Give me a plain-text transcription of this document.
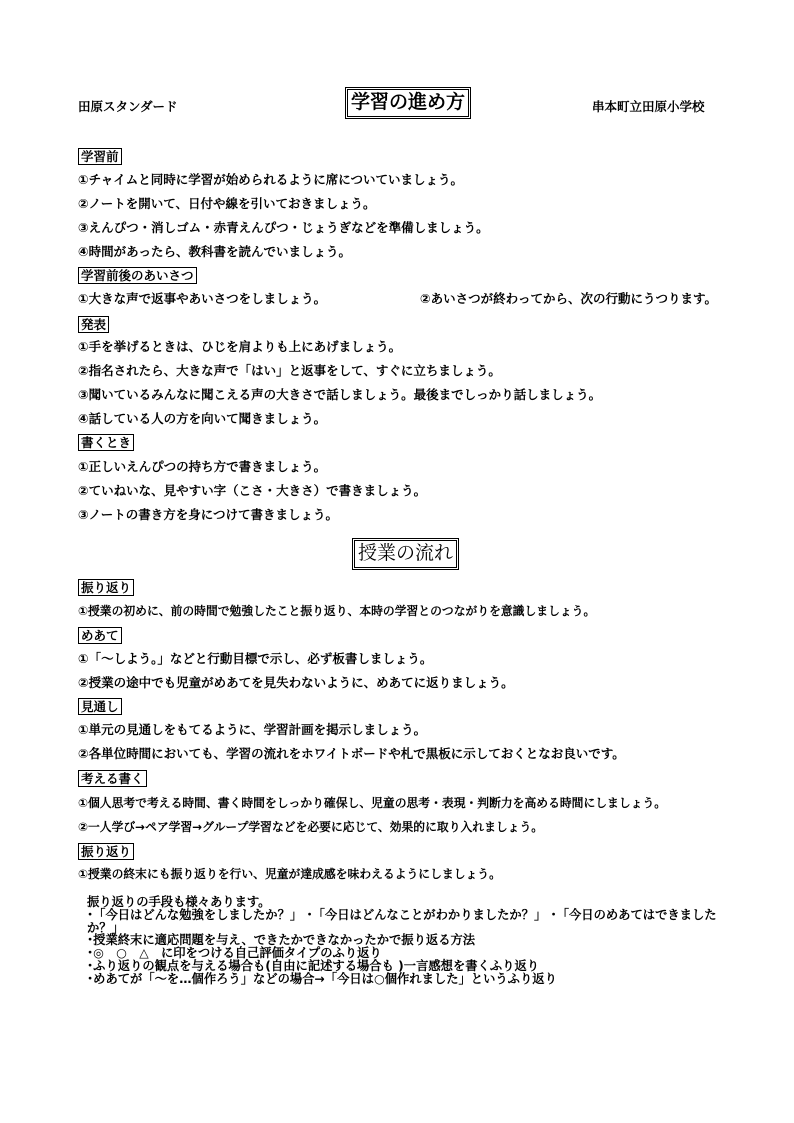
田原スタンダード	学習の進め方	串本町立田原小学校
学習前
①チャイムと同時に学習が始められるように席についていましょう。
②ノートを開いて、日付や線を引いておきましょう。
③えんぴつ・消しゴム・赤青えんぴつ・じょうぎなどを準備しましょう。
④時間があったら、教科書を読んでいましょう。
学習前後のあいさつ
①大きな声で返事やあいさつをしましょう。	②あいさつが終わってから、次の行動にうつります。
発表
①手を挙げるときは、ひじを肩よりも上にあげましょう。
②指名されたら、大きな声で「はい」と返事をして、すぐに立ちましょう。
③聞いているみんなに聞こえる声の大きさで話しましょう。最後までしっかり話しましょう。
④話している人の方を向いて聞きましょう。
書くとき
①正しいえんぴつの持ち方で書きましょう。
②ていねいな、見やすい字（こさ・大きさ）で書きましょう。
③ノートの書き方を身につけて書きましょう。
授業の流れ
振り返り
①授業の初めに、前の時間で勉強したこと振り返り、本時の学習とのつながりを意識しましょう。
めあて
①「～しよう。」などと行動目標で示し、必ず板書しましょう。
②授業の途中でも児童がめあてを見失わないように、めあてに返りましょう。
見通し
①単元の見通しをもてるように、学習計画を掲示しましょう。
②各単位時間においても、学習の流れをホワイトボードや札で黒板に示しておくとなお良いです。
考える書く
①個人思考で考える時間、書く時間をしっかり確保し、児童の思考・表現・判断力を高める時間にしましょう。
②一人学び→ペア学習→グループ学習などを必要に応じて、効果的に取り入れましょう。
振り返り
①授業の終末にも振り返りを行い、児童が達成感を味わえるようにしましょう。
振り返りの手段も様々あります。
･「今日はどんな勉強をしましたか？」 ･「今日はどんなことがわかりましたか？」 ･「今日のめあてはできましたか？」
･授業終末に適応問題を与え、できたかできなかったかで振り返る方法
･◎　○　△　に印をつける自己評価タイプのふり返り
･ふり返りの観点を与える場合も(自由に記述する場合も )一言感想を書くふり返り
･めあてが「～を…個作ろう」などの場合→「今日は○個作れました」というふり返り
